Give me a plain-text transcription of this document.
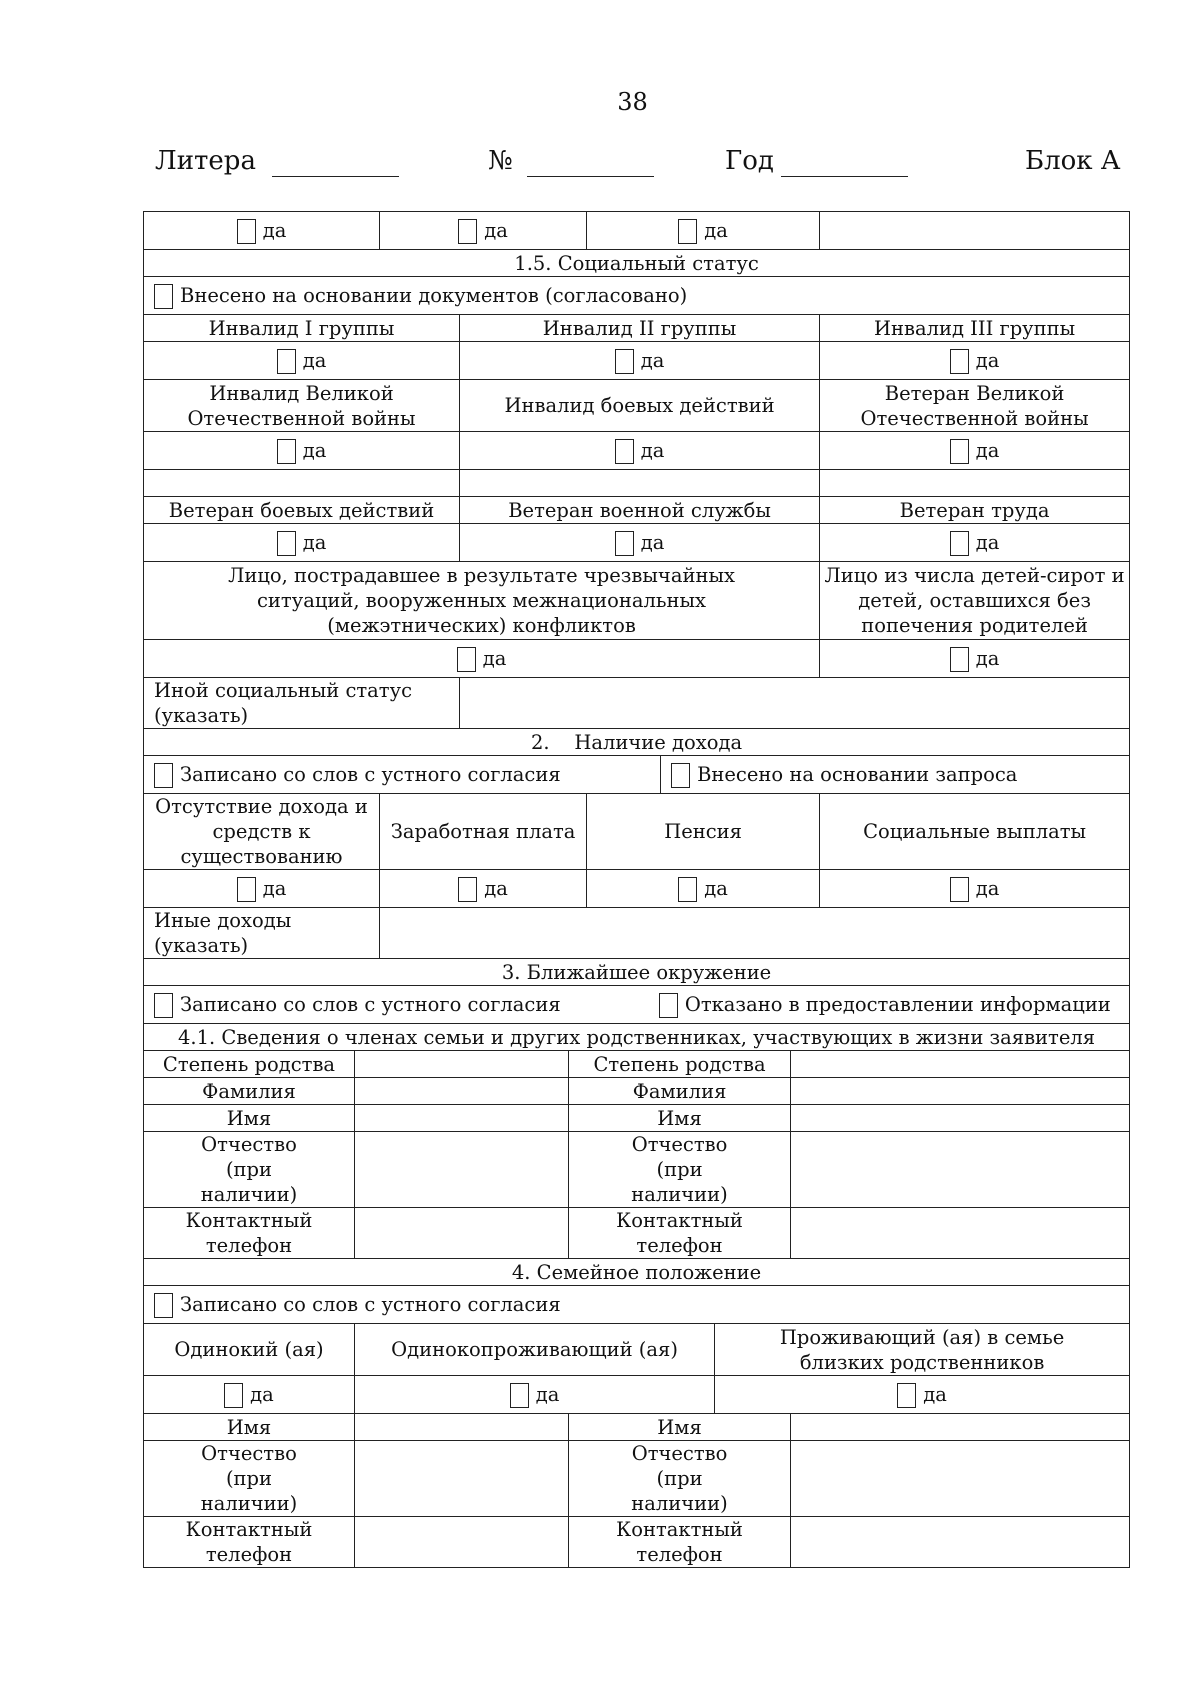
38
Литера	№	Год	Блок А
да		да			да				
1.5. Социальный статус									
Внесено на основании документов (согласовано)									
Инвалид I группы			Инвалид II группы						Инвалид III группы
да			да						да
Инвалид Великой Отечественной войны			Инвалид боевых действий						Ветеран Великой Отечественной войны
да			да						да

Ветеран боевых действий			Ветеран военной службы						Ветеран труда
да			да						да
Лицо, пострадавшее в результате чрезвычайных ситуаций, вооруженных межнациональных (межэтнических) конфликтов									Лицо из числа детей-сирот и детей, оставшихся без попечения родителей
да									да
Иной социальный статус (указать)									
2.    Наличие дохода									
Записано со слов с устного согласия						Внесено на основании запроса			
Отсутствие дохода и средств к существованию		Заработная плата			Пенсия				Социальные выплаты
да		да			да				да
Иные доходы (указать)									
3. Ближайшее окружение									
Записано со слов с устного согласия Отказано в предоставлении информации									
4.1. Сведения о членах семьи и других родственниках, участвующих в жизни заявителя									
Степень родства				Степень родства					
Фамилия				Фамилия					
Имя				Имя					
Отчество (при наличии)				Отчество (при наличии)					
Контактный телефон				Контактный телефон					
4. Семейное положение									
Записано со слов с устного согласия									
Одинокий (ая)	Одинокопроживающий (ая)						Проживающий (ая) в семье близких родственников		
да	да						да		
Имя				Имя					
Отчество (при наличии)				Отчество (при наличии)					
Контактный телефон				Контактный телефон					
